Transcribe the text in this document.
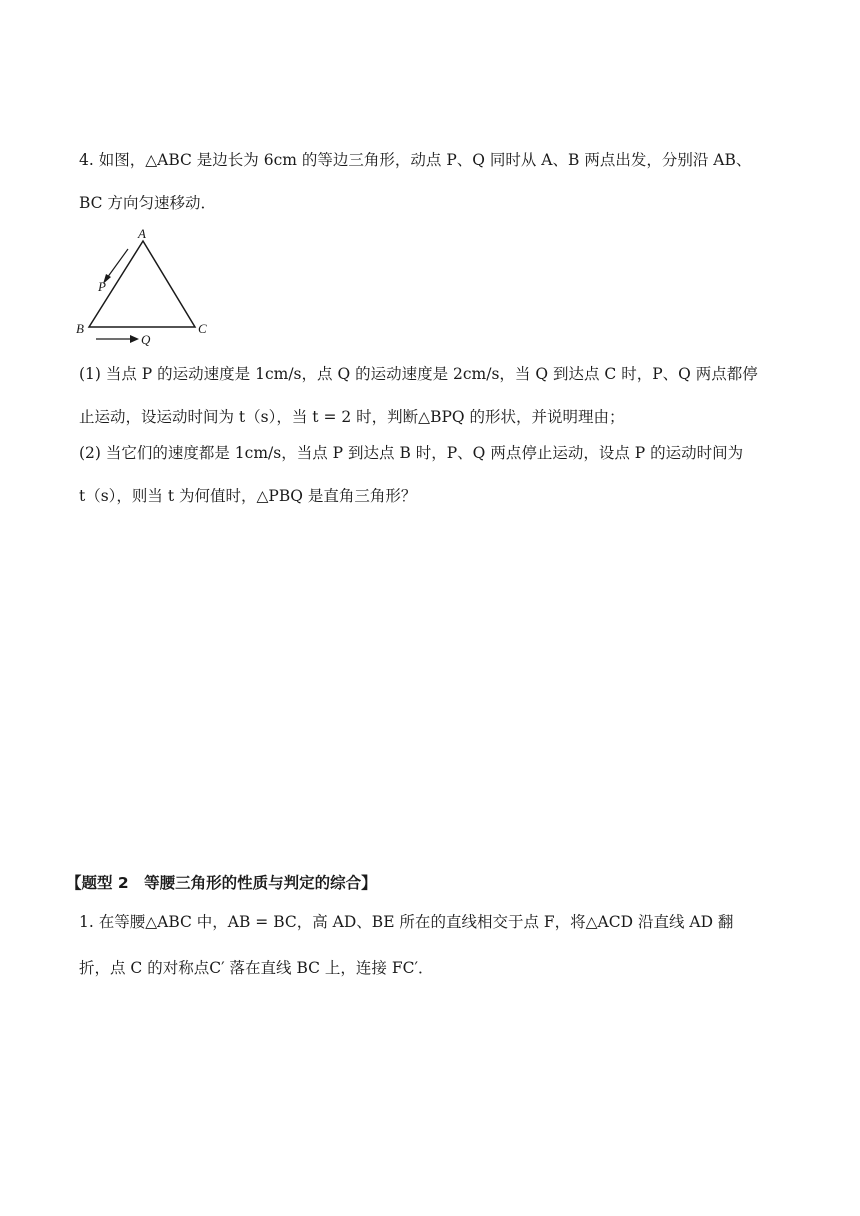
4. 如图，△ABC 是边长为 6cm 的等边三角形，动点 P、Q 同时从 A、B 两点出发，分别沿 AB、
BC 方向匀速移动．
A
B	C
P
Q
(1) 当点 P 的运动速度是 1cm/s，点 Q 的运动速度是 2cm/s，当 Q 到达点 C 时，P、Q 两点都停
止运动，设运动时间为 t（s），当 t = 2 时，判断△BPQ 的形状，并说明理由；
(2) 当它们的速度都是 1cm/s，当点 P 到达点 B 时，P、Q 两点停止运动，设点 P 的运动时间为
t（s），则当 t 为何值时，△PBQ 是直角三角形？
【题型 2　等腰三角形的性质与判定的综合】
1. 在等腰△ABC 中，AB = BC，高 AD、BE 所在的直线相交于点 F，将△ACD 沿直线 AD 翻
折，点 C 的对称点C′ 落在直线 BC 上，连接 FC′．
